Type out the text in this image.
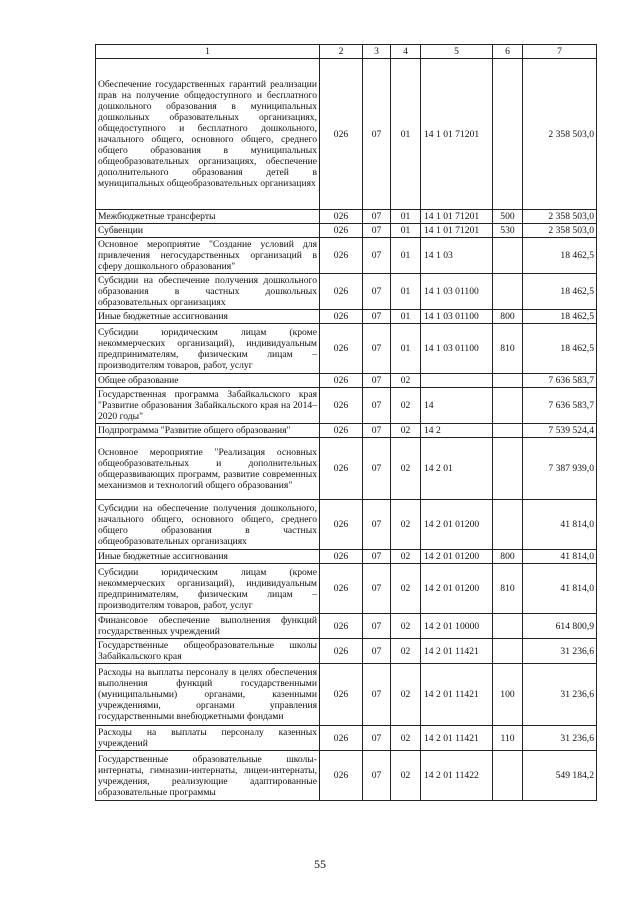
1	2	3	4	5	6	7
Обеспечение государственных гарантий реализации прав на получение общедоступного и бесплатного дошкольного образования в муниципальных дошкольных образовательных организациях, общедоступного и бесплатного дошкольного, начального общего, основного общего, среднего общего образования в муниципальных общеобразовательных организациях, обеспечение дополнительного образования детей в муниципальных общеобразовательных организациях	026	07	01	14 1 01 71201		2 358 503,0
Межбюджетные трансферты	026	07	01	14 1 01 71201	500	2 358 503,0
Субвенции	026	07	01	14 1 01 71201	530	2 358 503,0
Основное мероприятие "Создание условий для привлечения негосударственных организаций в сферу дошкольного образования"	026	07	01	14 1 03		18 462,5
Субсидии на обеспечение получения дошкольного образования в частных дошкольных образовательных организациях	026	07	01	14 1 03 01100		18 462,5
Иные бюджетные ассигнования	026	07	01	14 1 03 01100	800	18 462,5
Субсидии юридическим лицам (кроме некоммерческих организаций), индивидуальным предпринимателям, физическим лицам – производителям товаров, работ, услуг	026	07	01	14 1 03 01100	810	18 462,5
Общее образование	026	07	02			7 636 583,7
Государственная программа Забайкальского края "Развитие образования Забайкальского края на 2014–2020 годы"	026	07	02	14		7 636 583,7
Подпрограмма "Развитие общего образования"	026	07	02	14 2		7 539 524,4
Основное мероприятие "Реализация основных общеобразовательных и дополнительных общеразвивающих программ, развитие современных механизмов и технологий общего образования"	026	07	02	14 2 01		7 387 939,0
Субсидии на обеспечение получения дошкольного, начального общего, основного общего, среднего общего образования в частных общеобразовательных организациях	026	07	02	14 2 01 01200		41 814,0
Иные бюджетные ассигнования	026	07	02	14 2 01 01200	800	41 814,0
Субсидии юридическим лицам (кроме некоммерческих организаций), индивидуальным предпринимателям, физическим лицам – производителям товаров, работ, услуг	026	07	02	14 2 01 01200	810	41 814,0
Финансовое обеспечение выполнения функций государственных учреждений	026	07	02	14 2 01 10000		614 800,9
Государственные общеобразовательные школы Забайкальского края	026	07	02	14 2 01 11421		31 236,6
Расходы на выплаты персоналу в целях обеспечения выполнения функций государственными (муниципальными) органами, казенными учреждениями, органами управления государственными внебюджетными фондами	026	07	02	14 2 01 11421	100	31 236,6
Расходы на выплаты персоналу казенных учреждений	026	07	02	14 2 01 11421	110	31 236,6
Государственные образовательные школы-интернаты, гимназии-интернаты, лицеи-интернаты, учреждения, реализующие адаптированные образовательные программы	026	07	02	14 2 01 11422		549 184,2
55
